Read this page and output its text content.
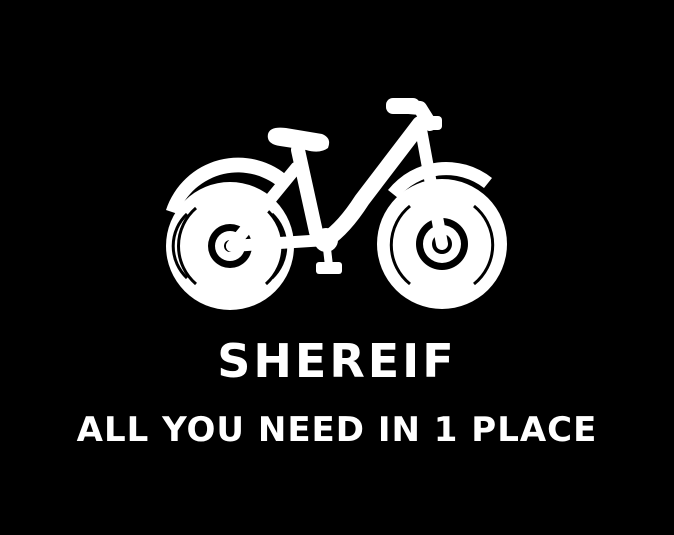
SHEREIF
ALL YOU NEED IN 1 PLACE
